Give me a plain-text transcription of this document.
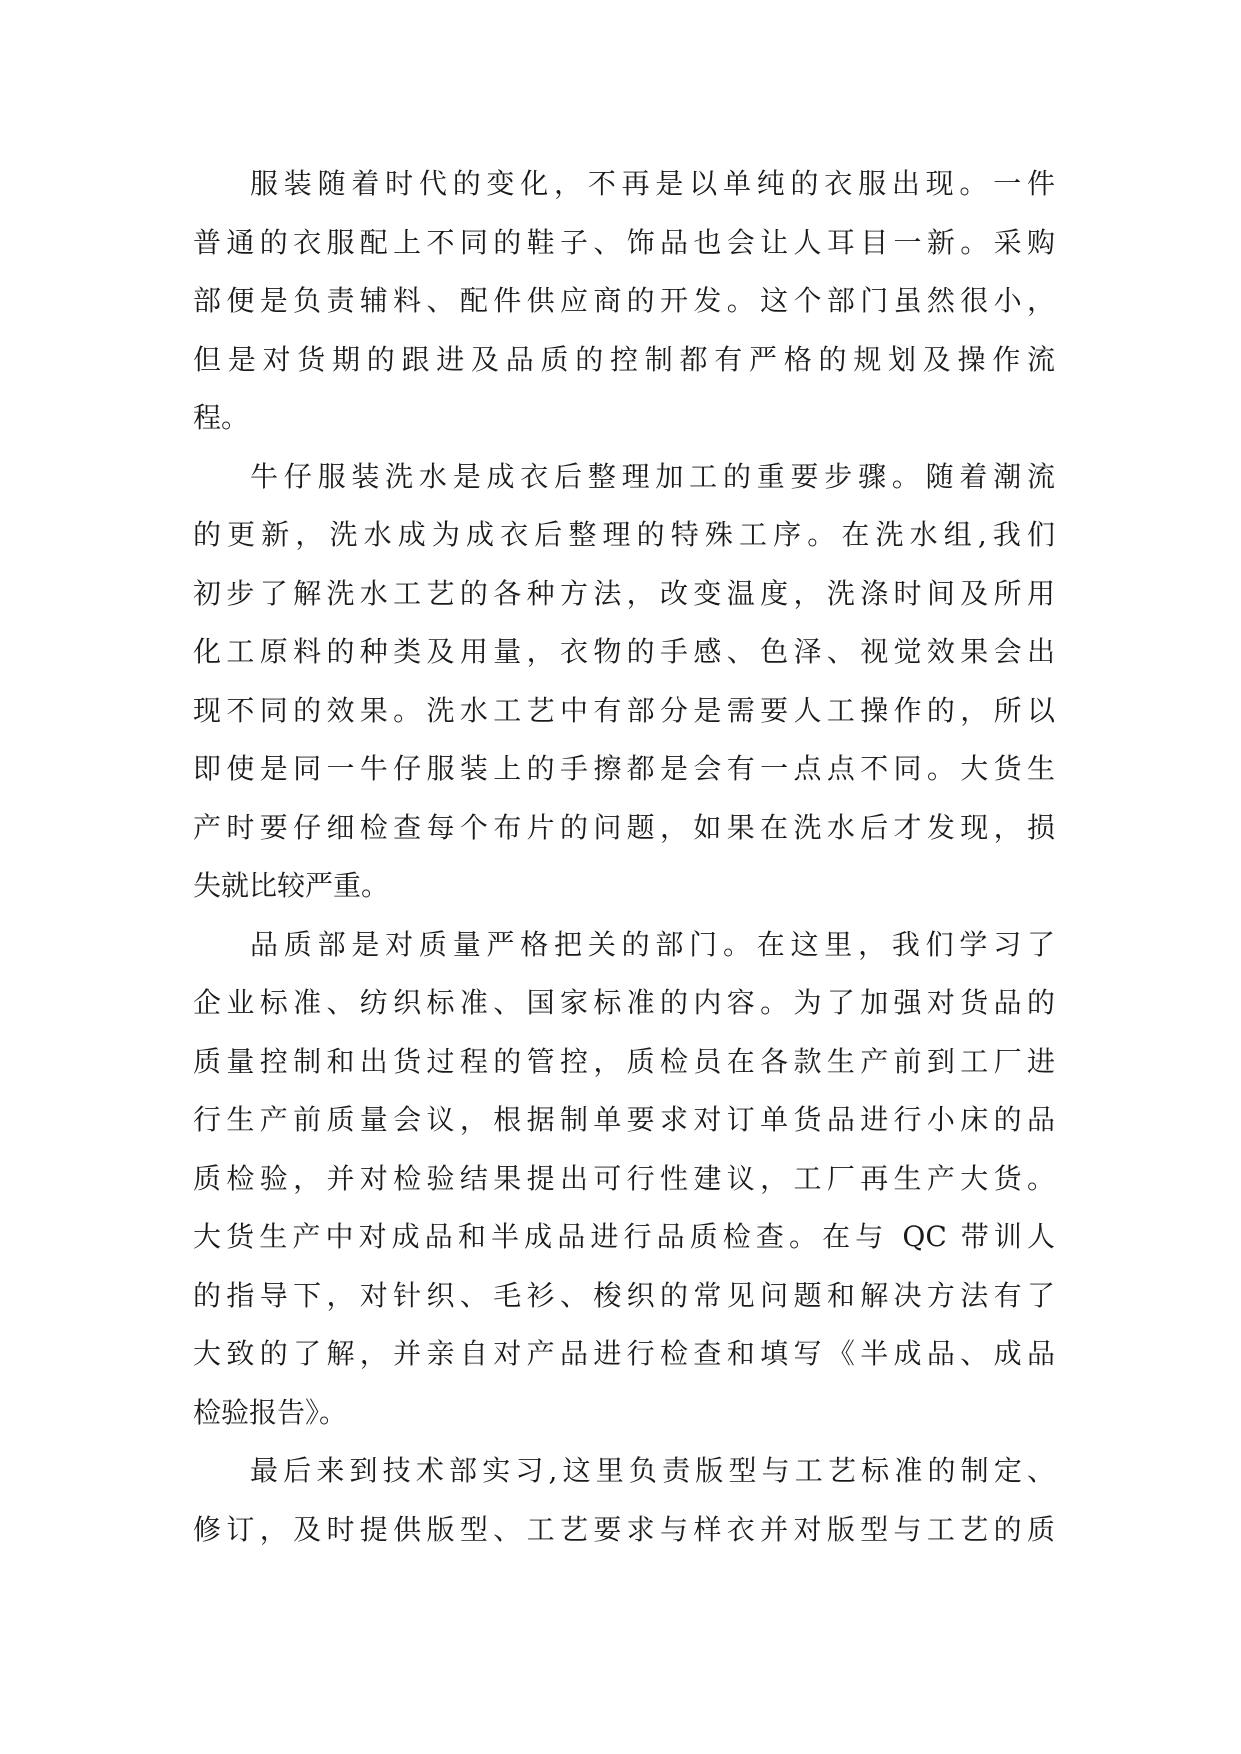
服装随着时代的变化，不再是以单纯的衣服出现。一件
普通的衣服配上不同的鞋子、饰品也会让人耳目一新。采购
部便是负责辅料、配件供应商的开发。这个部门虽然很小，
但是对货期的跟进及品质的控制都有严格的规划及操作流
程。
牛仔服装洗水是成衣后整理加工的重要步骤。随着潮流
的更新，洗水成为成衣后整理的特殊工序。在洗水组,我们
初步了解洗水工艺的各种方法，改变温度，洗涤时间及所用
化工原料的种类及用量，衣物的手感、色泽、视觉效果会出
现不同的效果。洗水工艺中有部分是需要人工操作的，所以
即使是同一牛仔服装上的手擦都是会有一点点不同。大货生
产时要仔细检查每个布片的问题，如果在洗水后才发现，损
失就比较严重。
品质部是对质量严格把关的部门。在这里，我们学习了
企业标准、纺织标准、国家标准的内容。为了加强对货品的
质量控制和出货过程的管控，质检员在各款生产前到工厂进
行生产前质量会议，根据制单要求对订单货品进行小床的品
质检验，并对检验结果提出可行性建议，工厂再生产大货。
大货生产中对成品和半成品进行品质检查。在与 QC 带训人
的指导下，对针织、毛衫、梭织的常见问题和解决方法有了
大致的了解，并亲自对产品进行检查和填写《半成品、成品
检验报告》。
最后来到技术部实习,这里负责版型与工艺标准的制定、
修订，及时提供版型、工艺要求与样衣并对版型与工艺的质
